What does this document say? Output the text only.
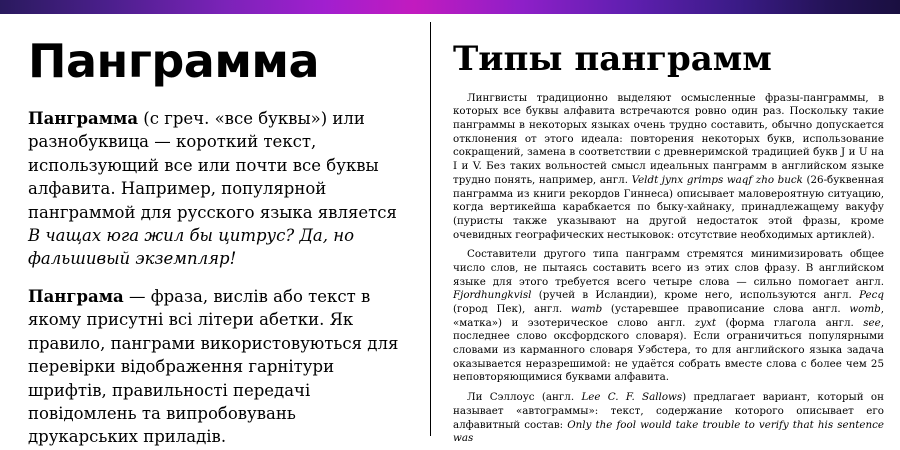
Панграмма

Панграмма (с греч. «все буквы») или разнобуквица — короткий текст, использующий все или почти все буквы алфавита. Например, популярной панграммой для русского языка является В чащах юга жил бы цитрус? Да, но фальшивый экземпляр!

Панграма — фраза, вислів або текст в якому присутні всі літери абетки. Як правило, панграми використовуються для перевірки відображення гарнітури шрифтів, правильності передачі повідомлень та випробовувань друкарських приладів.

Типы панграмм

Лингвисты традиционно выделяют осмысленные фразы-панграммы, в которых все буквы алфавита встречаются ровно один раз. Поскольку такие панграммы в некоторых языках очень трудно составить, обычно допускается отклонения от этого идеала: повторения некоторых букв, использование сокращений, замена в соответствии с древнеримской традицией букв J и U на I и V. Без таких вольностей смысл идеальных панграмм в английском языке трудно понять, например, англ. Veldt jynx grimps waqf zho buck (26-буквенная панграмма из книги рекордов Гиннеса) описывает маловероятную ситуацию, когда вертикейша карабкается по быку-хайнаку, принадлежащему вакуфу (пуристы также указывают на другой недостаток этой фразы, кроме очевидных географических нестыковок: отсутствие необходимых артиклей).

Составители другого типа панграмм стремятся минимизировать общее число слов, не пытаясь составить всего из этих слов фразу. В английском языке для этого требуется всего четыре слова — сильно помогает англ. Fjordhungkvisl (ручей в Исландии), кроме него, используются англ. Pecq (город Пек), англ. wamb (устаревшее правописание слова англ. womb, «матка») и эзотерическое слово англ. zyxt (форма глагола англ. see, последнее слово оксфордского словаря). Если ограничиться популярными словами из карманного словаря Уэбстера, то для английского языка задача оказывается неразрешимой: не удаётся собрать вместе слова с более чем 25 неповторяющимися буквами алфавита.

Ли Сэллоус (англ. Lee C. F. Sallows) предлагает вариант, который он называет «автограммы»: текст, содержание которого описывает его алфавитный состав: Only the fool would take trouble to verify that his sentence was
